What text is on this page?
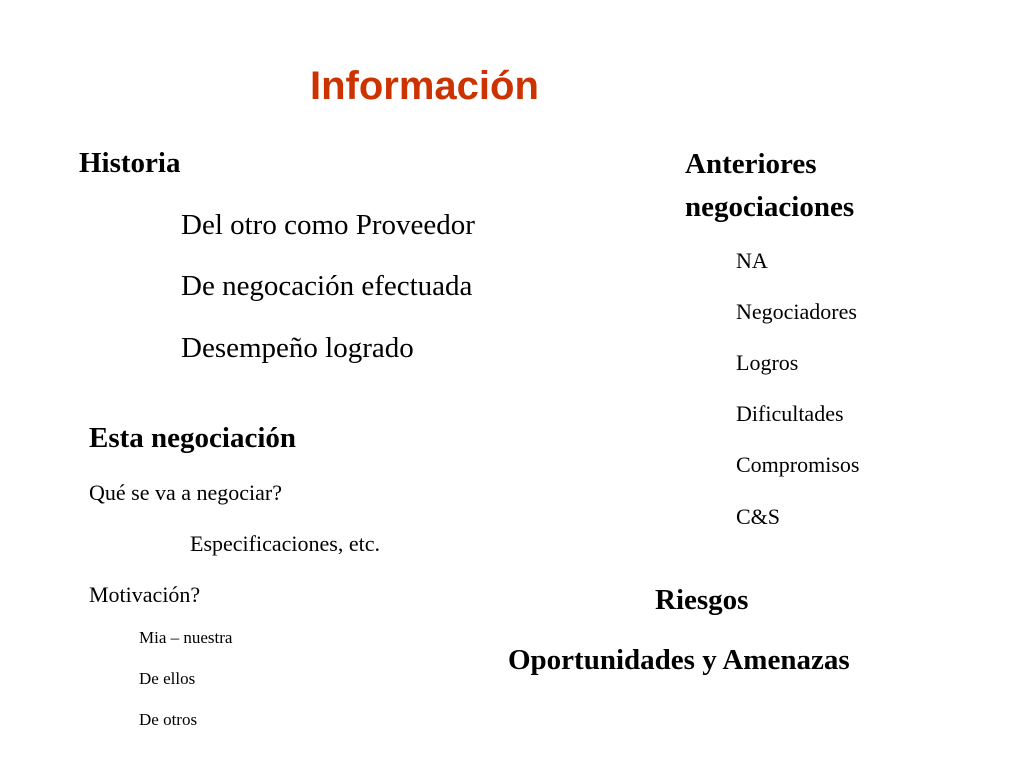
Información
Historia
Del otro como Proveedor
De negocación efectuada
Desempeño logrado
Anteriores
negociaciones
NA
Negociadores
Logros
Dificultades
Compromisos
C&S
Esta negociación
Qué se va a negociar?
Especificaciones, etc.
Motivación?
Mia – nuestra
De ellos
De otros
Riesgos
Oportunidades y Amenazas
